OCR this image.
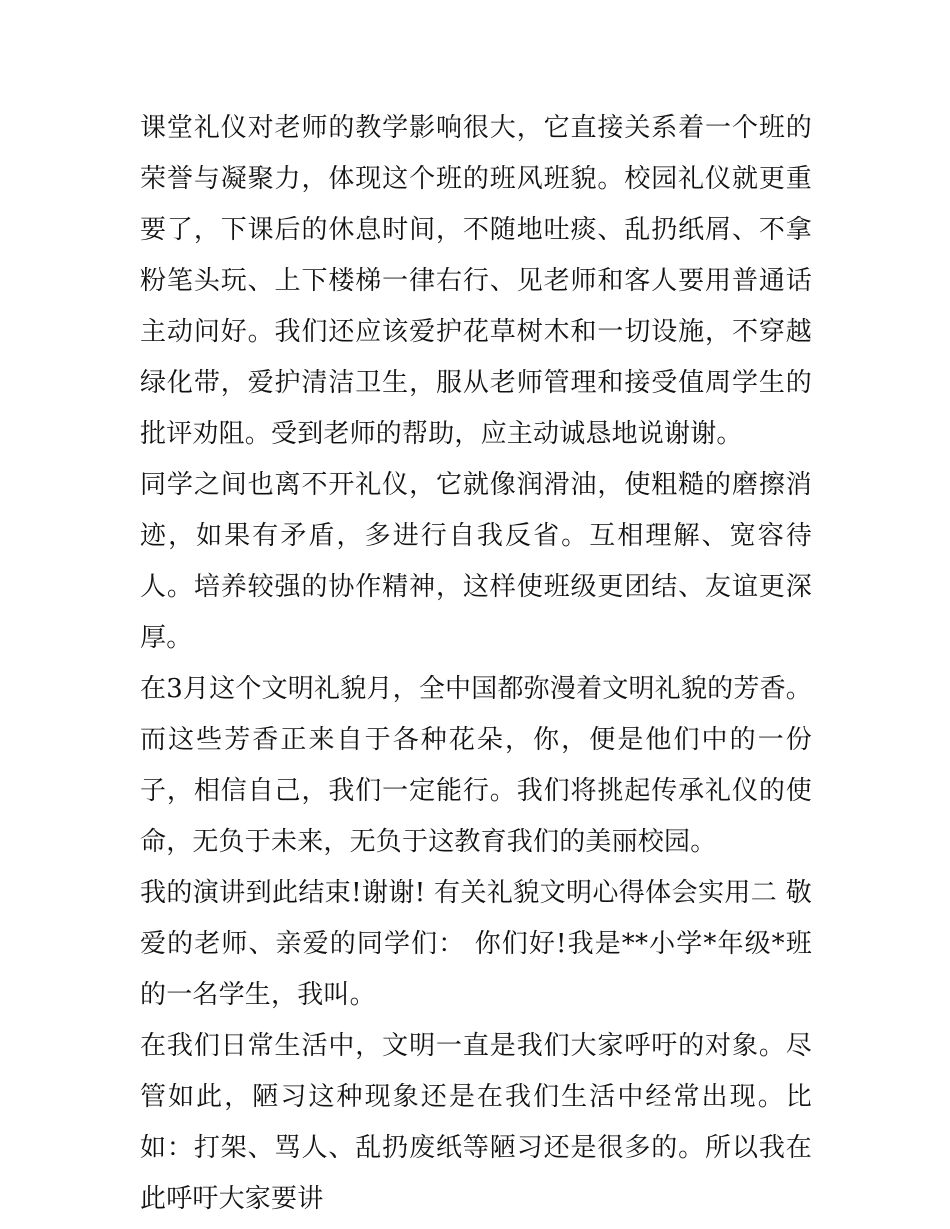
课堂礼仪对老师的教学影响很大，它直接关系着一个班的荣誉与凝聚力，体现这个班的班风班貌。校园礼仪就更重要了，下课后的休息时间，不随地吐痰、乱扔纸屑、不拿粉笔头玩、上下楼梯一律右行、见老师和客人要用普通话主动问好。我们还应该爱护花草树木和一切设施，不穿越绿化带，爱护清洁卫生，服从老师管理和接受值周学生的批评劝阻。受到老师的帮助，应主动诚恳地说谢谢。

同学之间也离不开礼仪，它就像润滑油，使粗糙的磨擦消迹，如果有矛盾，多进行自我反省。互相理解、宽容待人。培养较强的协作精神，这样使班级更团结、友谊更深厚。

在3月这个文明礼貌月，全中国都弥漫着文明礼貌的芳香。而这些芳香正来自于各种花朵，你，便是他们中的一份子，相信自己，我们一定能行。我们将挑起传承礼仪的使命，无负于未来，无负于这教育我们的美丽校园。

我的演讲到此结束!谢谢! 有关礼貌文明心得体会实用二 敬爱的老师、亲爱的同学们： 你们好!我是**小学*年级*班的一名学生，我叫。

在我们日常生活中，文明一直是我们大家呼吁的对象。尽管如此，陋习这种现象还是在我们生活中经常出现。比如：打架、骂人、乱扔废纸等陋习还是很多的。所以我在此呼吁大家要讲
